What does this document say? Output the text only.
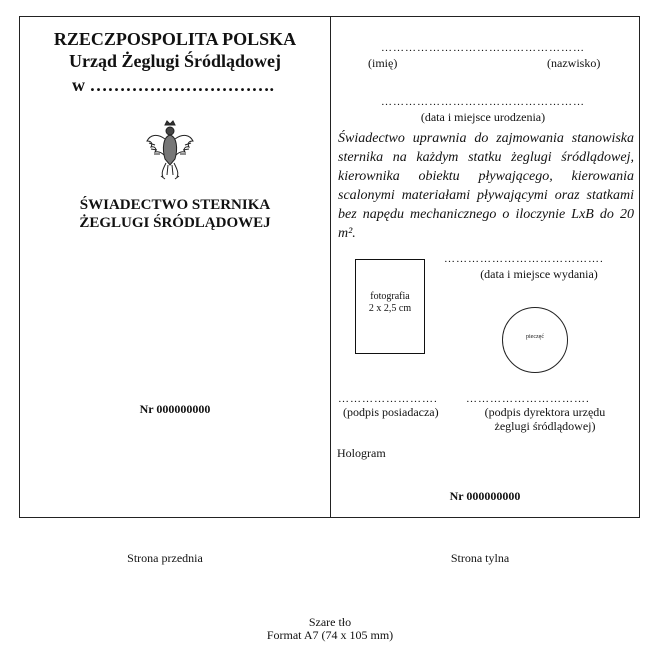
RZECZPOSPOLITA POLSKA
Urząd Żeglugi Śródlądowej
w ………………………….
ŚWIADECTWO STERNIKA
ŻEGLUGI ŚRÓDLĄDOWEJ
Nr 000000000
……………………………………………
(imię)	(nazwisko)
……………………………………………
(data i miejsce urodzenia)
Świadectwo uprawnia do zajmowania stanowiska sternika na każdym statku żeglugi śródlądowej, kierownika obiektu pływającego, kierowania scalonymi materiałami pływającymi oraz statkami bez napędu mechanicznego o iloczynie LxB do 20 m².
………………………………….
(data i miejsce wydania)
fotografia
2 x 2,5 cm
pieczęć
…………………….
(podpis posiadacza)
………………………….
(podpis dyrektora urzędu
żeglugi śródlądowej)
Hologram
Nr 000000000
Strona przednia	Strona tylna
Szare tło
Format A7 (74 x 105 mm)
